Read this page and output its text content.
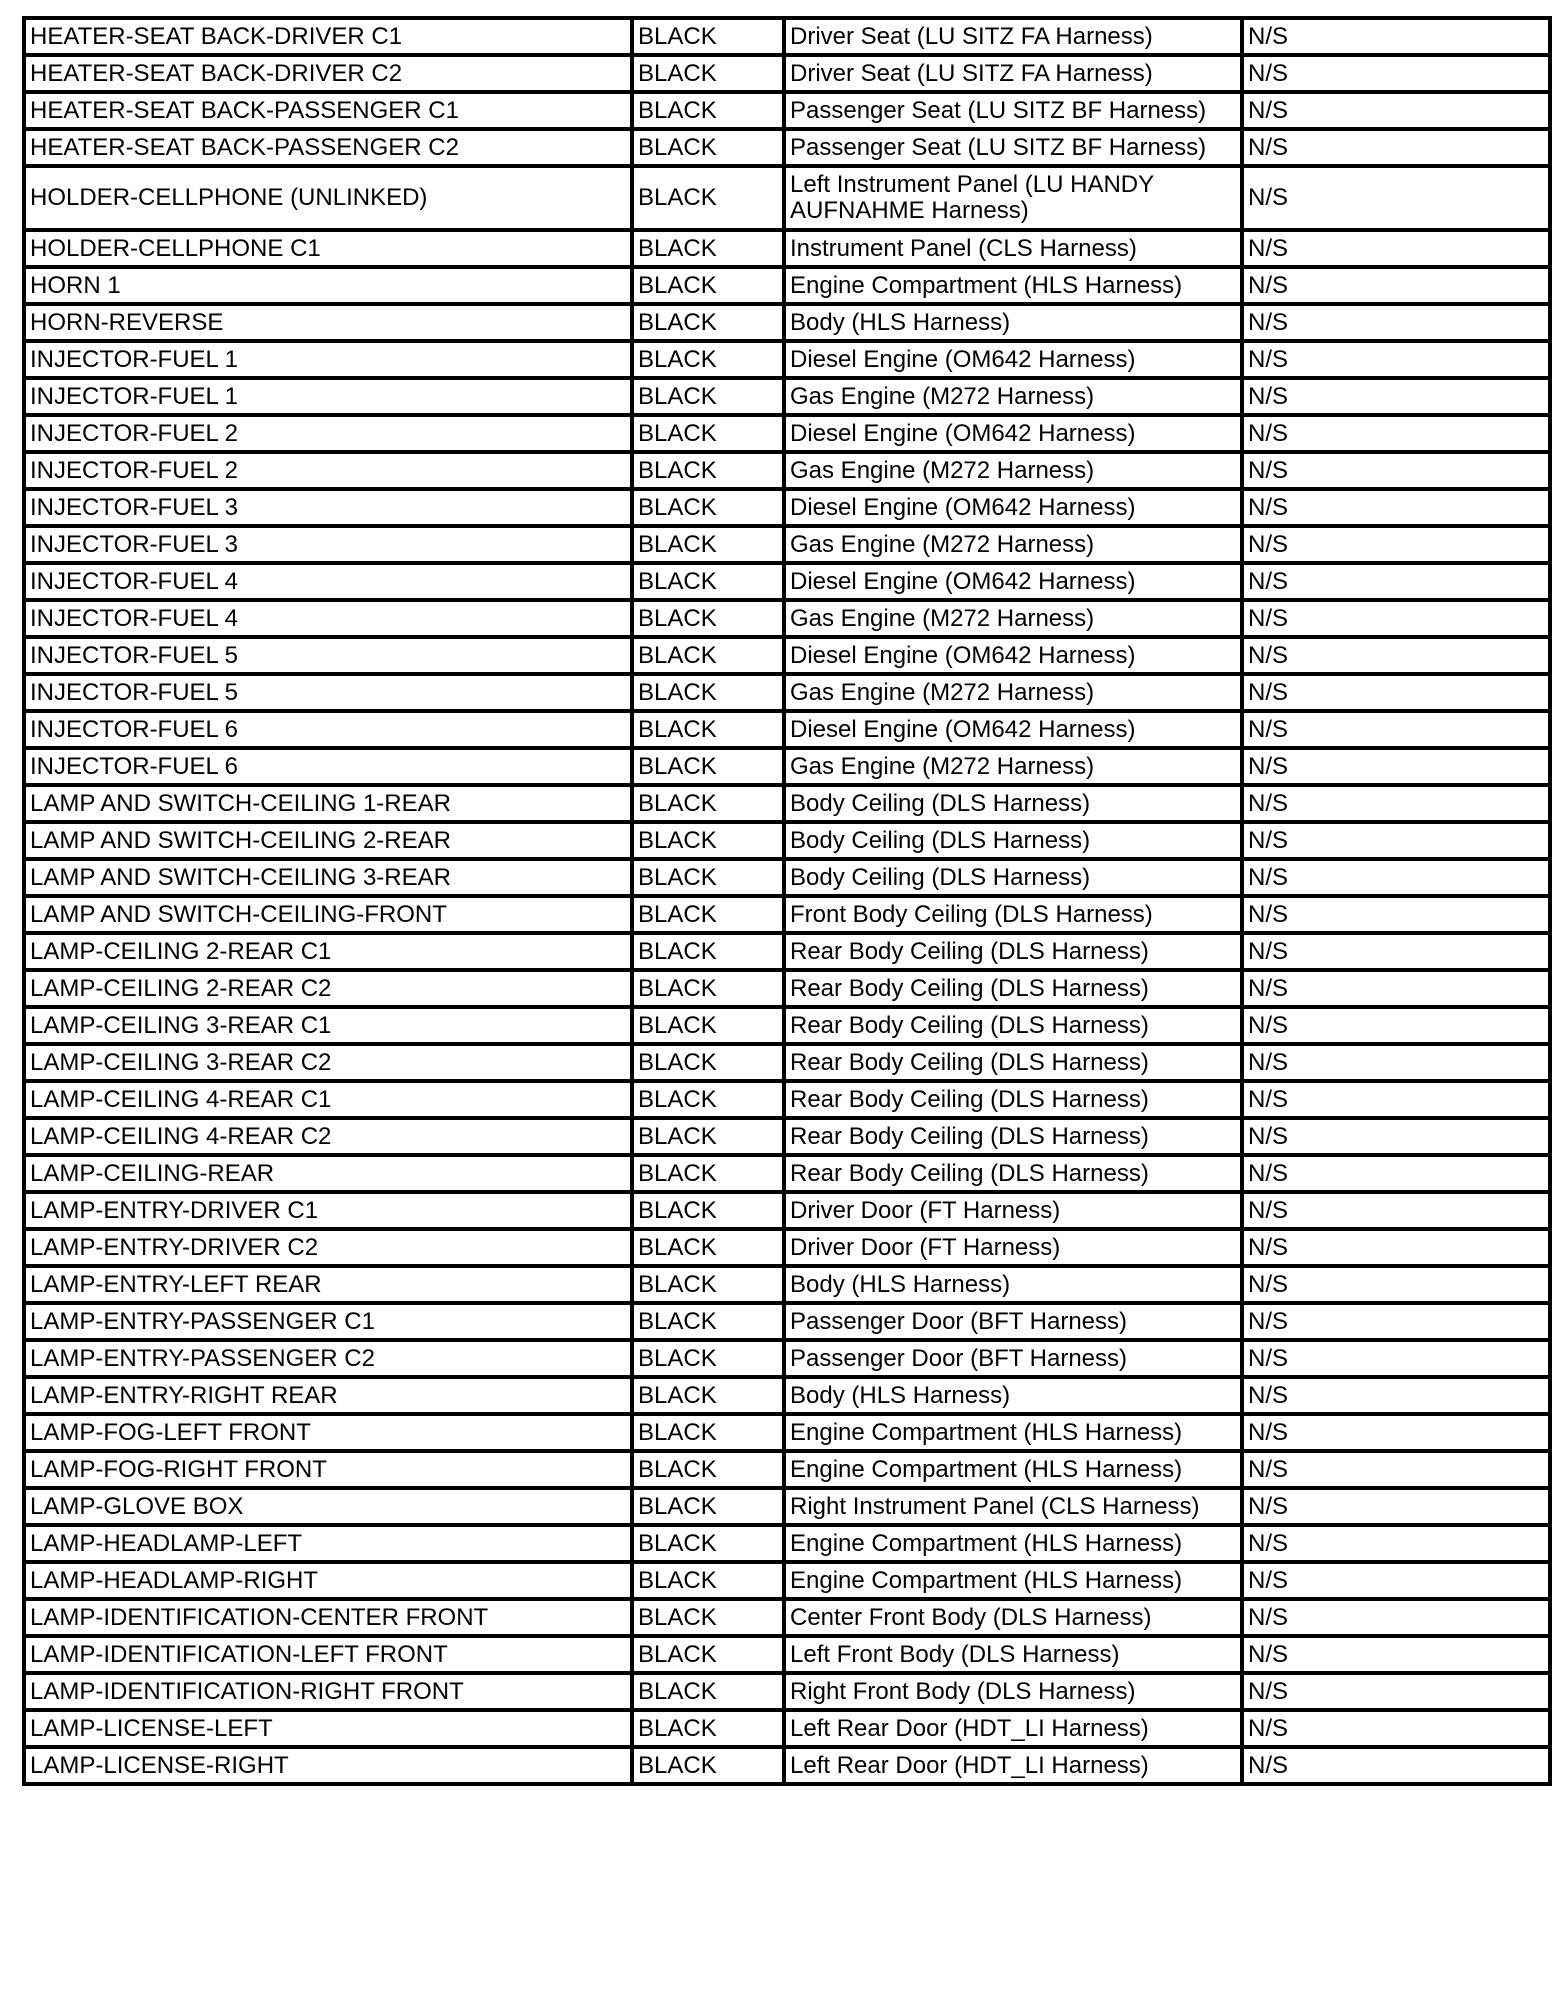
HEATER-SEAT BACK-DRIVER C1	BLACK	Driver Seat (LU SITZ FA Harness)	N/S
HEATER-SEAT BACK-DRIVER C2	BLACK	Driver Seat (LU SITZ FA Harness)	N/S
HEATER-SEAT BACK-PASSENGER C1	BLACK	Passenger Seat (LU SITZ BF Harness)	N/S
HEATER-SEAT BACK-PASSENGER C2	BLACK	Passenger Seat (LU SITZ BF Harness)	N/S
HOLDER-CELLPHONE (UNLINKED)	BLACK	Left Instrument Panel (LU HANDY AUFNAHME Harness)	N/S
HOLDER-CELLPHONE C1	BLACK	Instrument Panel (CLS Harness)	N/S
HORN 1	BLACK	Engine Compartment (HLS Harness)	N/S
HORN-REVERSE	BLACK	Body (HLS Harness)	N/S
INJECTOR-FUEL 1	BLACK	Diesel Engine (OM642 Harness)	N/S
INJECTOR-FUEL 1	BLACK	Gas Engine (M272 Harness)	N/S
INJECTOR-FUEL 2	BLACK	Diesel Engine (OM642 Harness)	N/S
INJECTOR-FUEL 2	BLACK	Gas Engine (M272 Harness)	N/S
INJECTOR-FUEL 3	BLACK	Diesel Engine (OM642 Harness)	N/S
INJECTOR-FUEL 3	BLACK	Gas Engine (M272 Harness)	N/S
INJECTOR-FUEL 4	BLACK	Diesel Engine (OM642 Harness)	N/S
INJECTOR-FUEL 4	BLACK	Gas Engine (M272 Harness)	N/S
INJECTOR-FUEL 5	BLACK	Diesel Engine (OM642 Harness)	N/S
INJECTOR-FUEL 5	BLACK	Gas Engine (M272 Harness)	N/S
INJECTOR-FUEL 6	BLACK	Diesel Engine (OM642 Harness)	N/S
INJECTOR-FUEL 6	BLACK	Gas Engine (M272 Harness)	N/S
LAMP AND SWITCH-CEILING 1-REAR	BLACK	Body Ceiling (DLS Harness)	N/S
LAMP AND SWITCH-CEILING 2-REAR	BLACK	Body Ceiling (DLS Harness)	N/S
LAMP AND SWITCH-CEILING 3-REAR	BLACK	Body Ceiling (DLS Harness)	N/S
LAMP AND SWITCH-CEILING-FRONT	BLACK	Front Body Ceiling (DLS Harness)	N/S
LAMP-CEILING 2-REAR C1	BLACK	Rear Body Ceiling (DLS Harness)	N/S
LAMP-CEILING 2-REAR C2	BLACK	Rear Body Ceiling (DLS Harness)	N/S
LAMP-CEILING 3-REAR C1	BLACK	Rear Body Ceiling (DLS Harness)	N/S
LAMP-CEILING 3-REAR C2	BLACK	Rear Body Ceiling (DLS Harness)	N/S
LAMP-CEILING 4-REAR C1	BLACK	Rear Body Ceiling (DLS Harness)	N/S
LAMP-CEILING 4-REAR C2	BLACK	Rear Body Ceiling (DLS Harness)	N/S
LAMP-CEILING-REAR	BLACK	Rear Body Ceiling (DLS Harness)	N/S
LAMP-ENTRY-DRIVER C1	BLACK	Driver Door (FT Harness)	N/S
LAMP-ENTRY-DRIVER C2	BLACK	Driver Door (FT Harness)	N/S
LAMP-ENTRY-LEFT REAR	BLACK	Body (HLS Harness)	N/S
LAMP-ENTRY-PASSENGER C1	BLACK	Passenger Door (BFT Harness)	N/S
LAMP-ENTRY-PASSENGER C2	BLACK	Passenger Door (BFT Harness)	N/S
LAMP-ENTRY-RIGHT REAR	BLACK	Body (HLS Harness)	N/S
LAMP-FOG-LEFT FRONT	BLACK	Engine Compartment (HLS Harness)	N/S
LAMP-FOG-RIGHT FRONT	BLACK	Engine Compartment (HLS Harness)	N/S
LAMP-GLOVE BOX	BLACK	Right Instrument Panel (CLS Harness)	N/S
LAMP-HEADLAMP-LEFT	BLACK	Engine Compartment (HLS Harness)	N/S
LAMP-HEADLAMP-RIGHT	BLACK	Engine Compartment (HLS Harness)	N/S
LAMP-IDENTIFICATION-CENTER FRONT	BLACK	Center Front Body (DLS Harness)	N/S
LAMP-IDENTIFICATION-LEFT FRONT	BLACK	Left Front Body (DLS Harness)	N/S
LAMP-IDENTIFICATION-RIGHT FRONT	BLACK	Right Front Body (DLS Harness)	N/S
LAMP-LICENSE-LEFT	BLACK	Left Rear Door (HDT_LI Harness)	N/S
LAMP-LICENSE-RIGHT	BLACK	Left Rear Door (HDT_LI Harness)	N/S
